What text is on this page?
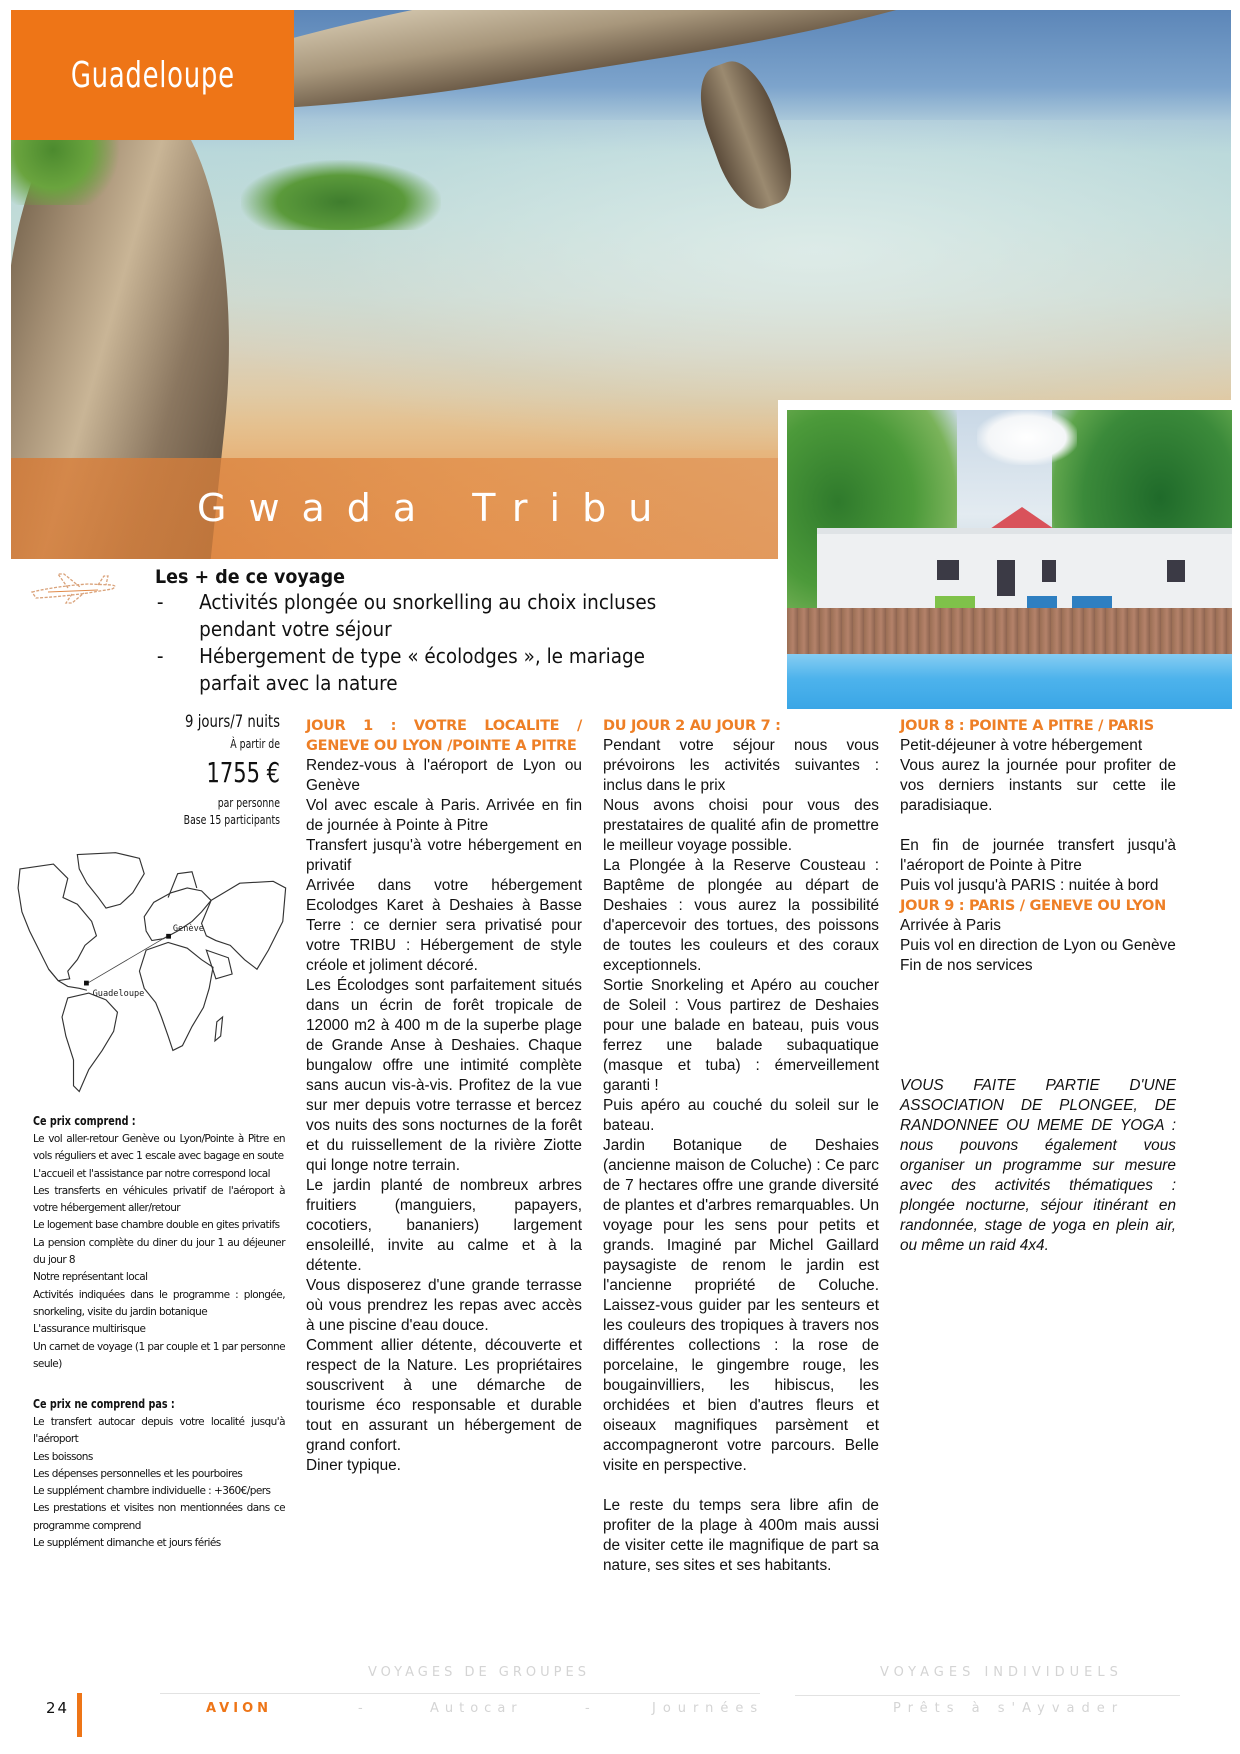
Guadeloupe
Gwada Tribu
Les + de ce voyage
- Activités plongée ou snorkelling au choix incluses pendant votre séjour
- Hébergement de type « écolodges », le mariage parfait avec la nature
9 jours/7 nuits
À partir de
1755 €
par personne
Base 15 participants
Genève
Guadeloupe
Ce prix comprend :

Le vol aller-retour Genève ou Lyon/Pointe à Pitre en vols réguliers et avec 1 escale avec bagage en soute

L'accueil et l'assistance par notre correspond local

Les transferts en véhicules privatif de l'aéroport à votre hébergement aller/retour

Le logement base chambre double en gites privatifs

La pension complète du diner du jour 1 au déjeuner du jour 8

Notre représentant local

Activités indiquées dans le programme : plongée, snorkeling, visite du jardin botanique

L'assurance multirisque

Un carnet de voyage (1 par couple et 1 par personne seule)

Ce prix ne comprend pas :

Le transfert autocar depuis votre localité jusqu'à l'aéroport

Les boissons

Les dépenses personnelles et les pourboires

Le supplément chambre individuelle : +360€/pers

Les prestations et visites non mentionnées dans ce programme comprend

Le supplément dimanche et jours fériés

JOUR 1 : VOTRE LOCALITE / GENEVE OU LYON /POINTE A PITRE

Rendez-vous à l'aéroport de Lyon ou Genève

Vol avec escale à Paris. Arrivée en fin de journée à Pointe à Pitre

Transfert jusqu'à votre hébergement en privatif

Arrivée dans votre hébergement Ecolodges Karet à Deshaies à Basse Terre : ce dernier sera privatisé pour votre TRIBU : Hébergement de style créole et joliment décoré.

Les Écolodges sont parfaitement situés dans un écrin de forêt tropicale de 12000 m2 à 400 m de la superbe plage de Grande Anse à Deshaies. Chaque bungalow offre une intimité complète sans aucun vis-à-vis. Profitez de la vue sur mer depuis votre terrasse et bercez vos nuits des sons nocturnes de la forêt et du ruissellement de la rivière Ziotte qui longe notre terrain.

Le jardin planté de nombreux arbres fruitiers (manguiers, papayers, cocotiers, bananiers) largement ensoleillé, invite au calme et à la détente.

Vous disposerez d'une grande terrasse où vous prendrez les repas avec accès à une piscine d'eau douce.

Comment allier détente, découverte et respect de la Nature. Les propriétaires souscrivent à une démarche de tourisme éco responsable et durable tout en assurant un hébergement de grand confort.

Diner typique.

DU JOUR 2 AU JOUR 7 :

Pendant votre séjour nous vous prévoirons les activités suivantes : inclus dans le prix

Nous avons choisi pour vous des prestataires de qualité afin de promettre le meilleur voyage possible.

La Plongée à la Reserve Cousteau : Baptême de plongée au départ de Deshaies : vous aurez la possibilité d'apercevoir des tortues, des poissons de toutes les couleurs et des coraux exceptionnels.

Sortie Snorkeling et Apéro au coucher de Soleil : Vous partirez de Deshaies pour une balade en bateau, puis vous ferrez une balade subaquatique (masque et tuba) : émerveillement garanti !

Puis apéro au couché du soleil sur le bateau.

Jardin Botanique de Deshaies (ancienne maison de Coluche) : Ce parc de 7 hectares offre une grande diversité de plantes et d'arbres remarquables. Un voyage pour les sens pour petits et grands. Imaginé par Michel Gaillard paysagiste de renom le jardin est l'ancienne propriété de Coluche. Laissez-vous guider par les senteurs et les couleurs des tropiques à travers nos différentes collections : la rose de porcelaine, le gingembre rouge, les bougainvilliers, les hibiscus, les orchidées et bien d'autres fleurs et oiseaux magnifiques parsèment et accompagneront votre parcours. Belle visite en perspective.

Le reste du temps sera libre afin de profiter de la plage à 400m mais aussi de visiter cette ile magnifique de part sa nature, ses sites et ses habitants.

JOUR 8 : POINTE A PITRE / PARIS

Petit-déjeuner à votre hébergement

Vous aurez la journée pour profiter de vos derniers instants sur cette ile paradisiaque.

En fin de journée transfert jusqu'à l'aéroport de Pointe à Pitre

Puis vol jusqu'à PARIS : nuitée à bord

JOUR 9 : PARIS / GENEVE OU LYON

Arrivée à Paris

Puis vol en direction de Lyon ou Genève

Fin de nos services

VOUS FAITE PARTIE D'UNE ASSOCIATION DE PLONGEE, DE RANDONNEE OU MEME DE YOGA : nous pouvons également vous organiser un programme sur mesure avec des activités thématiques : plongée nocturne, séjour itinérant en randonnée, stage de yoga en plein air, ou même un raid 4x4.

24
VOYAGES DE GROUPES	VOYAGES INDIVIDUELS
AVION	-	Autocar	-	Journées	Prêts à s'Ayvader
